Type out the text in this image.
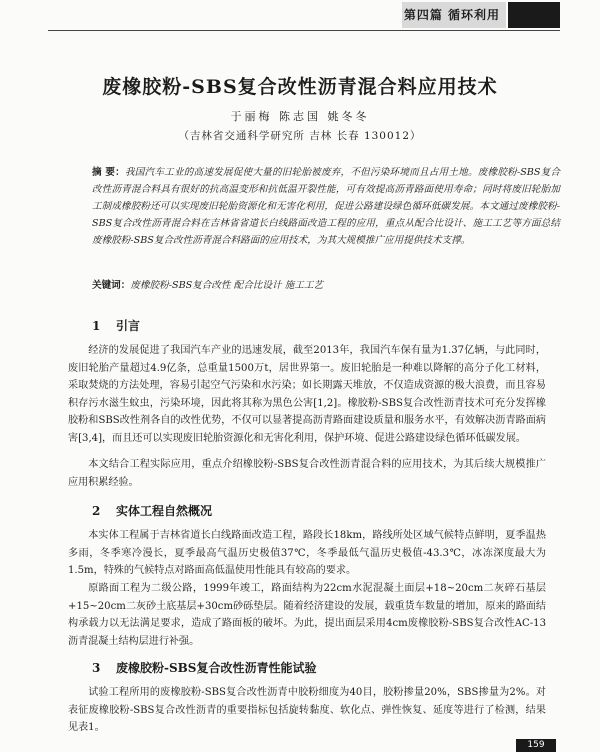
第四篇 循环利用
废橡胶粉-SBS复合改性沥青混合料应用技术
于丽梅 陈志国 姚冬冬
（吉林省交通科学研究所 吉林 长春 130012）

摘 要：我国汽车工业的高速发展促使大量的旧轮胎被废弃，不但污染环境而且占用土地。废橡胶粉-SBS复合改性沥青混合料具有很好的抗高温变形和抗低温开裂性能，可有效提高沥青路面使用寿命；同时将废旧轮胎加工制成橡胶粉还可以实现废旧轮胎资源化和无害化利用，促进公路建设绿色循环低碳发展。本文通过废橡胶粉-SBS复合改性沥青混合料在吉林省省道长白线路面改造工程的应用，重点从配合比设计、施工工艺等方面总结废橡胶粉-SBS复合改性沥青混合料路面的应用技术，为其大规模推广应用提供技术支撑。

关键词：废橡胶粉-SBS复合改性 配合比设计 施工工艺

1 引言

经济的发展促进了我国汽车产业的迅速发展，截至2013年，我国汽车保有量为1.37亿辆，与此同时，废旧轮胎产量超过4.9亿条，总重量1500万t，居世界第一。废旧轮胎是一种难以降解的高分子化工材料，采取焚烧的方法处理，容易引起空气污染和水污染；如长期露天堆放，不仅造成资源的极大浪费，而且容易积存污水滋生蚊虫，污染环境，因此将其称为黑色公害[1,2]。橡胶粉-SBS复合改性沥青技术可充分发挥橡胶粉和SBS改性剂各自的改性优势，不仅可以显著提高沥青路面建设质量和服务水平，有效解决沥青路面病害[3,4]，而且还可以实现废旧轮胎资源化和无害化利用，保护环境、促进公路建设绿色循环低碳发展。

本文结合工程实际应用，重点介绍橡胶粉-SBS复合改性沥青混合料的应用技术，为其后续大规模推广应用积累经验。

2 实体工程自然概况

本实体工程属于吉林省道长白线路面改造工程，路段长18km，路线所处区域气候特点鲜明，夏季温热多雨，冬季寒冷漫长，夏季最高气温历史极值37℃，冬季最低气温历史极值-43.3℃，冰冻深度最大为1.5m，特殊的气候特点对路面高低温使用性能具有较高的要求。

原路面工程为二级公路，1999年竣工，路面结构为22cm水泥混凝土面层+18~20cm二灰碎石基层+15~20cm二灰砂土底基层+30cm砂砾垫层。随着经济建设的发展，载重货车数量的增加，原来的路面结构承载力以无法满足要求，造成了路面板的破坏。为此，提出面层采用4cm废橡胶粉-SBS复合改性AC-13沥青混凝土结构层进行补强。

3 废橡胶粉-SBS复合改性沥青性能试验

试验工程所用的废橡胶粉-SBS复合改性沥青中胶粉细度为40目，胶粉掺量20%，SBS掺量为2%。对表征废橡胶粉-SBS复合改性沥青的重要指标包括旋转黏度、软化点、弹性恢复、延度等进行了检测，结果见表1。

159
